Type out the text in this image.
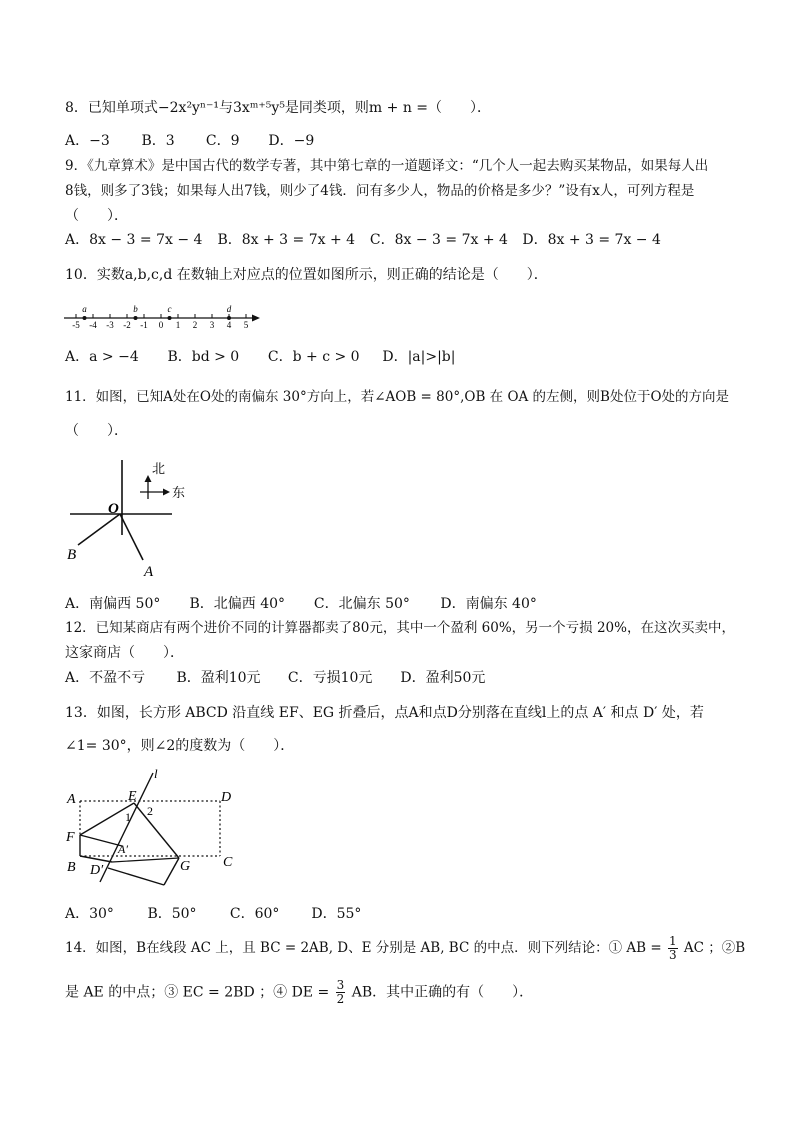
8．已知单项式−2x²yⁿ⁻¹与3xᵐ⁺⁵y⁵是同类项，则m + n =（　　）．
A．−3 B．3 C．9 D．−9
9．《九章算术》是中国古代的数学专著，其中第七章的一道题译文：“几个人一起去购买某物品，如果每人出
8钱，则多了3钱；如果每人出7钱，则少了4钱．问有多少人，物品的价格是多少？”设有x人，可列方程是
（　　）．
A．8x − 3 = 7x − 4 B．8x + 3 = 7x + 4 C．8x − 3 = 7x + 4 D．8x + 3 = 7x − 4
10．实数a,b,c,d 在数轴上对应点的位置如图所示，则正确的结论是（　　）．
-5 -4 -3 -2 -1 0 1 2 3 4 5
a	b	c	d
A．a > −4 B．bd > 0 C．b + c > 0 D．|a|>|b|
11．如图，已知A处在O处的南偏东 30°方向上，若∠AOB = 80°,OB 在 OA 的左侧，则B处位于O处的方向是
（　　）．
北
东
O
A
B
A．南偏西 50° B．北偏西 40° C．北偏东 50° D．南偏东 40°
12．已知某商店有两个进价不同的计算器都卖了80元，其中一个盈利 60%，另一个亏损 20%，在这次买卖中，
这家商店（　　）．
A．不盈不亏 B．盈利10元 C．亏损10元 D．盈利50元
13．如图，长方形 ABCD 沿直线 EF、EG 折叠后，点A和点D分别落在直线l上的点 A′ 和点 D′ 处，若
∠1= 30°，则∠2的度数为（　　）．
A
B	C
D
E
F
G
l
A′
D′
1 2
A．30° B．50° C．60° D．55°
14．如图，B在线段 AC 上，且 BC = 2AB, D、E 分别是 AB, BC 的中点．则下列结论：① AB = $\frac{1}{3}$ AC ；②B
是 AE 的中点；③ EC = 2BD ；④ DE = $\frac{3}{2}$ AB．其中正确的有（　　）．
